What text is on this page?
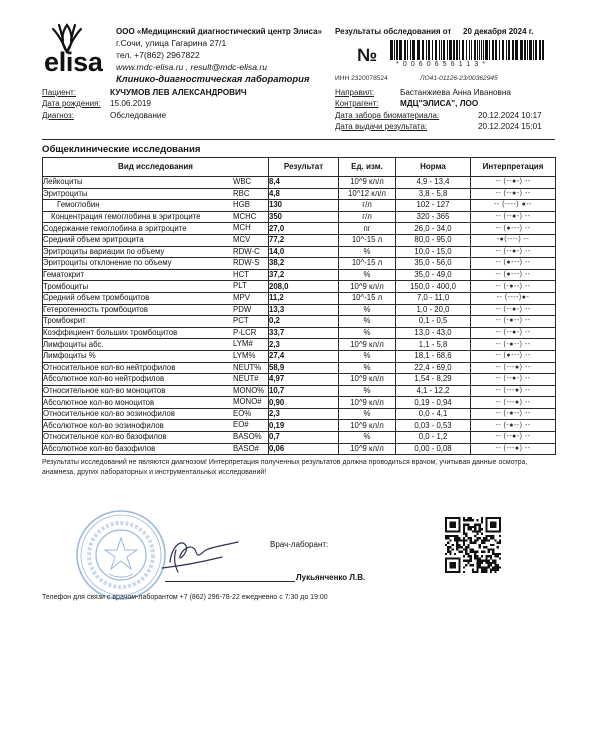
elisa
ООО «Медицинский диагностический центр Элиса»
г.Сочи, улица Гагарина 27/1
тел. +7(862) 2967822
www.mdc-elisa.ru , result@mdc-elisa.ru
Клинико-диагностическая лаборатория	ИНН 2320078524
Результаты обследования от 20 декабря 2024 г.
№	*0060656113*
ЛО41-01126-23/00362945
Пациент:	КУЧУМОВ ЛЕВ АЛЕКСАНДРОВИЧ
Дата рождения: 15.06.2019
Диагноз:	Обследование
Направил:	Бастанжиева Анна Ивановна
Контрагент:	МДЦ"ЭЛИСА", ЛОО
Дата забора биоматериала:	20.12.2024 10:17
Дата выдачи результата:	20.12.2024 15:01
Общеклинические исследования
Вид исследования	Результат	Ед. изм.	Норма	Интерпретация
Лейкоциты WBC	8,4	10^9 кл/л	4,9 - 13,4	-- (--●-) --
Эритроциты RBC	4,8	10^12 кл/л	3,8 - 5,8	-- (--●-) --
Гемоглобин HGB	130	г/л	102 - 127	-- (----) ●--
Концентрация гемоглобина в эритроците MCHC	350	г/л	320 - 365	-- (--●-) --
Содержание гемоглобина в эритроците MCH	27,0	пг	26,0 - 34,0	-- (●---) --
Средний объем эритроцита MCV	77,2	10^-15 л	80,0 - 95,0	-●(----) --
Эритроциты вариации по объему RDW-C	14,0	%	10,0 - 15,0	-- (--●-) --
Эритроциты отклонение по объему RDW-S	38,2	10^-15 л	35,0 - 56,0	-- (●---) --
Гематокрит HCT	37,2	%	35,0 - 49,0	-- (●---) --
Тромбоциты PLT	208,0	10^9 кл/л	150,0 - 400,0	-- (-●--) --
Средний объем тромбоцитов MPV	11,2	10^-15 л	7,0 - 11,0	-- (----)●-
Гетерогенность тромбоцитов PDW	13,3	%	1,0 - 20,0	-- (--●-) --
Тромбокрит PCT	0,2	%	0,1 - 0,5	-- (-●--) --
Коэффициент больших тромбоцитов P-LCR	33,7	%	13,0 - 43,0	-- (--●-) --
Лимфоциты абс. LYM#	2,3	10^9 кл/л	1,1 - 5,8	-- (-●--) --
Лимфоциты % LYM%	27,4	%	18,1 - 68,6	-- (●---) --
Относительное кол-во нейтрофилов NEUT%	58,9	%	22,4 - 69,0	-- (---●) --
Абсолютное кол-во нейтрофилов NEUT#	4,97	10^9 кл/л	1,54 - 8,29	-- (--●-) --
Относительное кол-во моноцитов MONO%	10,7	%	4,1 - 12,2	-- (---●) --
Абсолютное кол-во моноцитов MONO#	0,90	10^9 кл/л	0,19 - 0,94	-- (---●) --
Относительное кол-во эозинофилов EO%	2,3	%	0,0 - 4,1	-- (-●--) --
Абсолютное кол-во эозинофилов EO#	0,19	10^9 кл/л	0,03 - 0,53	-- (-●--) --
Относительное кол-во базофилов BASO%	0,7	%	0,0 - 1,2	-- (--●-) --
Абсолютное кол-во базофилов BASO#	0,06	10^9 кл/л	0,00 - 0,08	-- (---●) --
Результаты исследований не являются диагнозом! Интерпретация полученных результатов должна проводиться врачом, учитывая данные осмотра, анамнеза, других лабораторных и инструментальных исследований!
Врач-лаборант:
Лукьянченко Л.В.
Телефон для связи с врачом-лаборантом +7 (862) 296-78-22 ежедневно с 7:30 до 19:00
